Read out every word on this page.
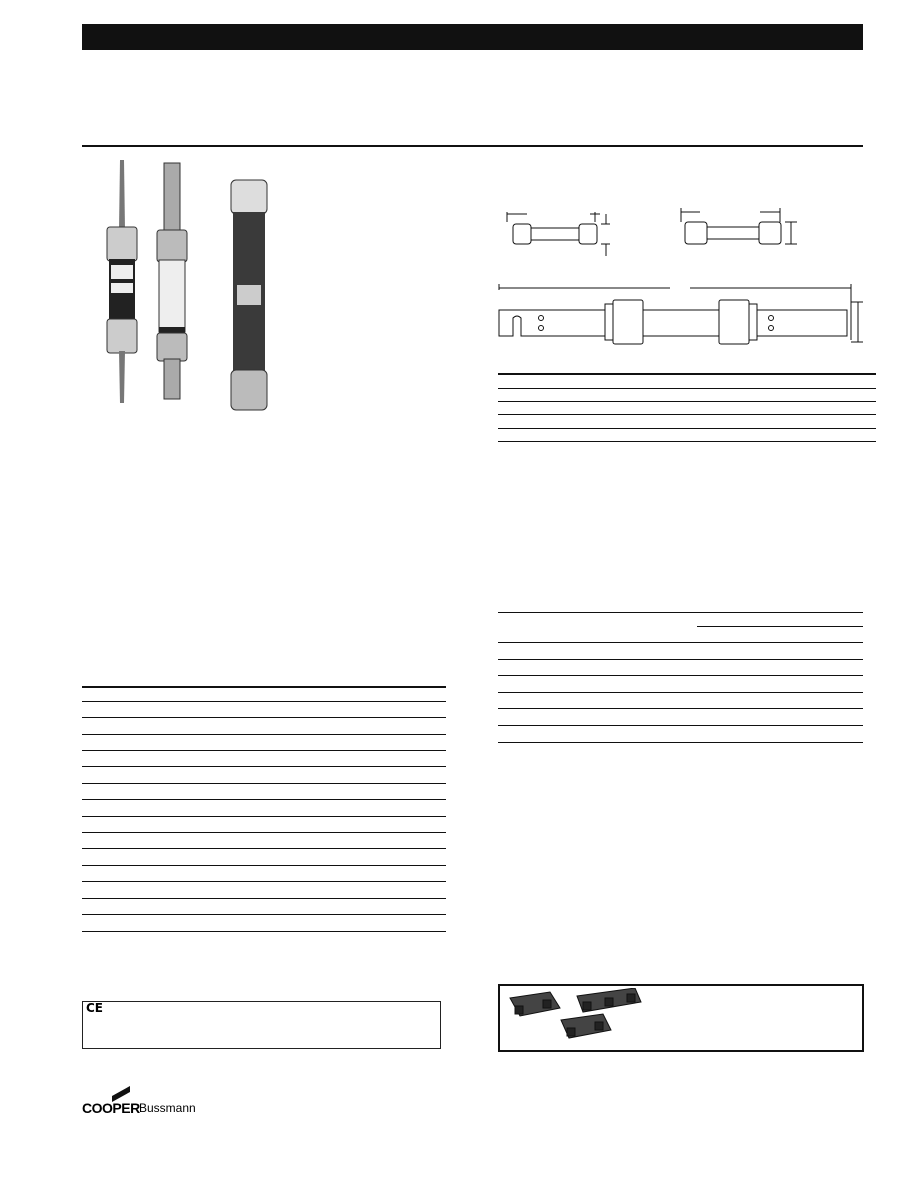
CE
COOPER Bussmann
